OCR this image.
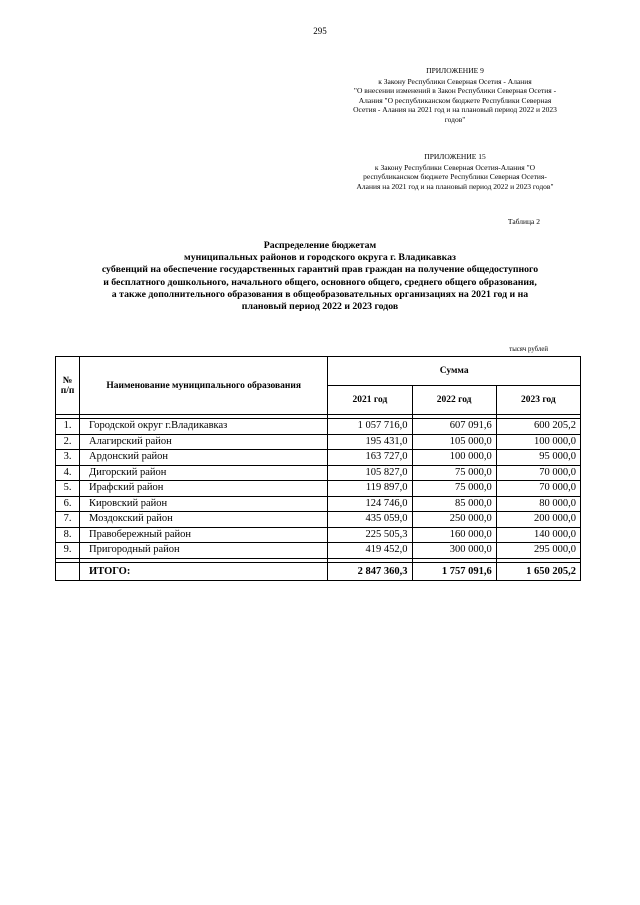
295
ПРИЛОЖЕНИЕ 9
к Закону Республики Северная Осетия - Алания
"О внесении изменений в Закон Республики Северная Осетия -
Алания "О республиканском бюджете Республики Северная
Осетия - Алания на 2021 год и на плановый период 2022 и 2023
годов"
ПРИЛОЖЕНИЕ 15
к Закону Республики Северная Осетия-Алания "О
республиканском бюджете Республики Северная Осетия-
Алания на 2021 год и на плановый период 2022 и 2023 годов"
Таблица 2
Распределение бюджетам
муниципальных районов и городского округа г. Владикавказ
субвенций на обеспечение государственных гарантий прав граждан на получение общедоступного
и бесплатного дошкольного, начального общего, основного общего, среднего общего образования,
а также дополнительного образования в общеобразовательных организациях на 2021 год и на
плановый период 2022 и 2023 годов
тысяч рублей
№ п/п	Наименование муниципального образования	Сумма		
		2021 год	2022 год	2023 год

1.	Городской округ г.Владикавказ	1 057 716,0	607 091,6	600 205,2
2.	Алагирский район	195 431,0	105 000,0	100 000,0
3.	Ардонский район	163 727,0	100 000,0	95 000,0
4.	Дигорский район	105 827,0	75 000,0	70 000,0
5.	Ирафский район	119 897,0	75 000,0	70 000,0
6.	Кировский район	124 746,0	85 000,0	80 000,0
7.	Моздокский район	435 059,0	250 000,0	200 000,0
8.	Правобережный район	225 505,3	160 000,0	140 000,0
9.	Пригородный район	419 452,0	300 000,0	295 000,0

	ИТОГО:	2 847 360,3	1 757 091,6	1 650 205,2
